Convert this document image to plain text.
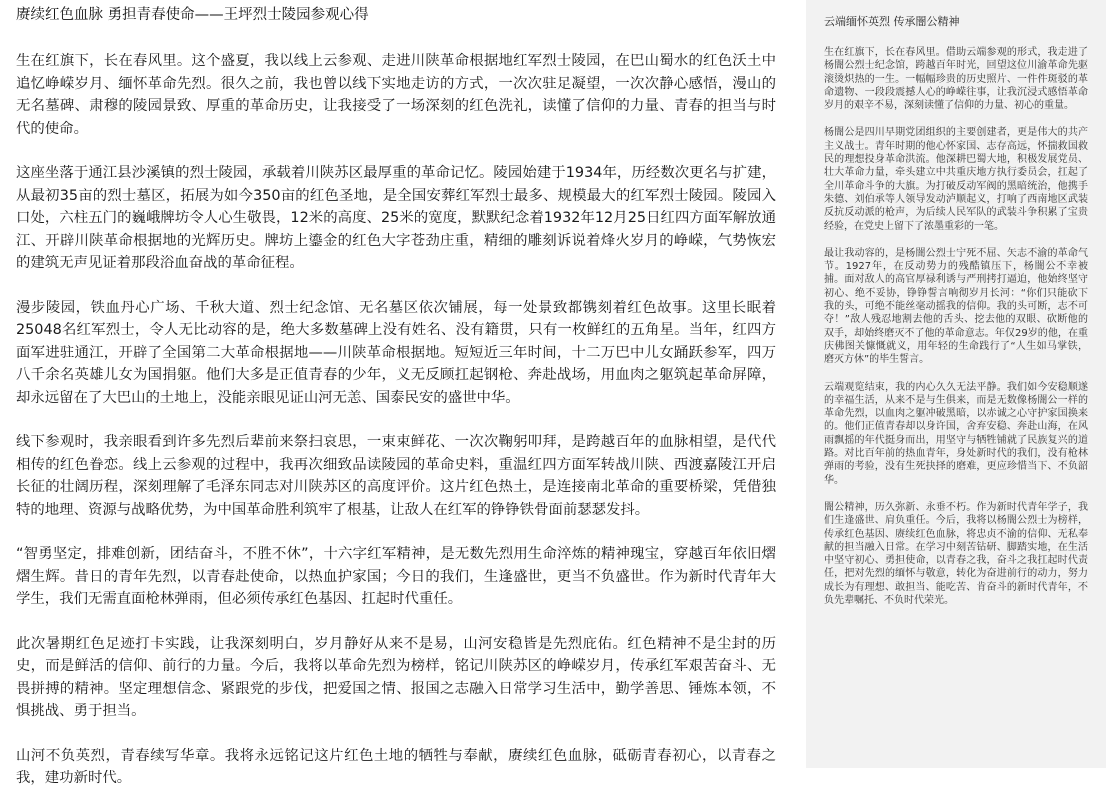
赓续红色血脉 勇担青春使命——王坪烈士陵园参观心得

生在红旗下，长在春风里。这个盛夏，我以线上云参观、走进川陕革命根据地红军烈士陵园，在巴山蜀水的红色沃土中追忆峥嵘岁月、缅怀革命先烈。很久之前，我也曾以线下实地走访的方式，一次次驻足凝望，一次次静心感悟，漫山的无名墓碑、肃穆的陵园景致、厚重的革命历史，让我接受了一场深刻的红色洗礼，读懂了信仰的力量、青春的担当与时代的使命。

这座坐落于通江县沙溪镇的烈士陵园，承载着川陕苏区最厚重的革命记忆。陵园始建于1934年，历经数次更名与扩建，从最初35亩的烈士墓区，拓展为如今350亩的红色圣地，是全国安葬红军烈士最多、规模最大的红军烈士陵园。陵园入口处，六柱五门的巍峨牌坊令人心生敬畏，12米的高度、25米的宽度，默默纪念着1932年12月25日红四方面军解放通江、开辟川陕革命根据地的光辉历史。牌坊上鎏金的红色大字苍劲庄重，精细的雕刻诉说着烽火岁月的峥嵘，气势恢宏的建筑无声见证着那段浴血奋战的革命征程。

漫步陵园，铁血丹心广场、千秋大道、烈士纪念馆、无名墓区依次铺展，每一处景致都镌刻着红色故事。这里长眠着25048名红军烈士，令人无比动容的是，绝大多数墓碑上没有姓名、没有籍贯，只有一枚鲜红的五角星。当年，红四方面军进驻通江，开辟了全国第二大革命根据地——川陕革命根据地。短短近三年时间，十二万巴中儿女踊跃参军，四万八千余名英雄儿女为国捐躯。他们大多是正值青春的少年，义无反顾扛起钢枪、奔赴战场，用血肉之躯筑起革命屏障，却永远留在了大巴山的土地上，没能亲眼见证山河无恙、国泰民安的盛世中华。

线下参观时，我亲眼看到许多先烈后辈前来祭扫哀思，一束束鲜花、一次次鞠躬叩拜，是跨越百年的血脉相望，是代代相传的红色眷恋。线上云参观的过程中，我再次细致品读陵园的革命史料，重温红四方面军转战川陕、西渡嘉陵江开启长征的壮阔历程，深刻理解了毛泽东同志对川陕苏区的高度评价。这片红色热土，是连接南北革命的重要桥梁，凭借独特的地理、资源与战略优势，为中国革命胜利筑牢了根基，让敌人在红军的铮铮铁骨面前瑟瑟发抖。

“智勇坚定，排难创新，团结奋斗，不胜不休”，十六字红军精神，是无数先烈用生命淬炼的精神瑰宝，穿越百年依旧熠熠生辉。昔日的青年先烈，以青春赴使命，以热血护家国；今日的我们，生逢盛世，更当不负盛世。作为新时代青年大学生，我们无需直面枪林弹雨，但必须传承红色基因、扛起时代重任。

此次暑期红色足迹打卡实践，让我深刻明白，岁月静好从来不是易，山河安稳皆是先烈庇佑。红色精神不是尘封的历史，而是鲜活的信仰、前行的力量。今后，我将以革命先烈为榜样，铭记川陕苏区的峥嵘岁月，传承红军艰苦奋斗、无畏拼搏的精神。坚定理想信念、紧跟党的步伐，把爱国之情、报国之志融入日常学习生活中，勤学善思、锤炼本领，不惧挑战、勇于担当。

山河不负英烈，青春续写华章。我将永远铭记这片红色土地的牺牲与奉献，赓续红色血脉，砥砺青春初心，以青春之我，建功新时代。

云端缅怀英烈 传承闇公精神

生在红旗下，长在春风里。借助云端参观的形式，我走进了杨闇公烈士纪念馆，跨越百年时光，回望这位川渝革命先驱滚烫炽热的一生。一幅幅珍贵的历史照片、一件件斑驳的革命遗物、一段段震撼人心的峥嵘往事，让我沉浸式感悟革命岁月的艰辛不易，深刻读懂了信仰的力量、初心的重量。

杨闇公是四川早期党团组织的主要创建者，更是伟大的共产主义战士。青年时期的他心怀家国、志存高远，怀揣救国救民的理想投身革命洪流。他深耕巴蜀大地，积极发展党员、壮大革命力量，牵头建立中共重庆地方执行委员会，扛起了全川革命斗争的大旗。为打破反动军阀的黑暗统治，他携手朱德、刘伯承等人领导发动泸顺起义，打响了西南地区武装反抗反动派的枪声，为后续人民军队的武装斗争积累了宝贵经验，在党史上留下了浓墨重彩的一笔。

最让我动容的，是杨闇公烈士宁死不屈、矢志不渝的革命气节。1927年，在反动势力的残酷镇压下，杨闇公不幸被捕。面对敌人的高官厚禄利诱与严刑拷打逼迫，他始终坚守初心、绝不妥协，铮铮誓言响彻岁月长河：“你们只能砍下我的头，可绝不能丝毫动摇我的信仰。我的头可断，志不可夺！”敌人残忍地割去他的舌头、挖去他的双眼、砍断他的双手，却始终磨灭不了他的革命意志。年仅29岁的他，在重庆佛图关慷慨就义，用年轻的生命践行了“人生如马掌铁，磨灭方休”的毕生誓言。

云端观览结束，我的内心久久无法平静。我们如今安稳顺遂的幸福生活，从来不是与生俱来，而是无数像杨闇公一样的革命先烈，以血肉之躯冲破黑暗，以赤诚之心守护家国换来的。他们正值青春却以身许国，舍弃安稳、奔赴山海，在风雨飘摇的年代挺身而出，用坚守与牺牲铺就了民族复兴的道路。对比百年前的热血青年，身处新时代的我们，没有枪林弹雨的考验，没有生死抉择的磨难，更应珍惜当下、不负韶华。

闇公精神，历久弥新、永垂不朽。作为新时代青年学子，我们生逢盛世、肩负重任。今后，我将以杨闇公烈士为榜样，传承红色基因、赓续红色血脉，将忠贞不渝的信仰、无私奉献的担当融入日常。在学习中刻苦钻研、脚踏实地，在生活中坚守初心、勇担使命，以青春之我，奋斗之我扛起时代责任，把对先烈的缅怀与敬意，转化为奋进前行的动力，努力成长为有理想、敢担当、能吃苦、肯奋斗的新时代青年，不负先辈嘱托、不负时代荣光。
